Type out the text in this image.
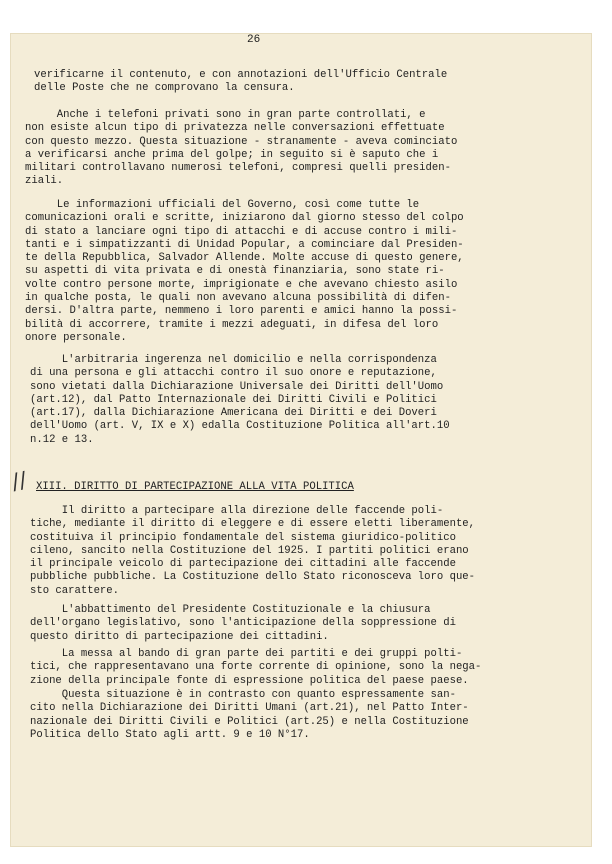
26
verificarne il contenuto, e con annotazioni dell'Ufficio Centrale
delle Poste che ne comprovano la censura.
Anche i telefoni privati sono in gran parte controllati, e
non esiste alcun tipo di privatezza nelle conversazioni effettuate
con questo mezzo. Questa situazione - stranamente - aveva cominciato
a verificarsi anche prima del golpe; in seguito si è saputo che i
militari controllavano numerosi telefoni, compresi quelli presiden-
ziali.
Le informazioni ufficiali del Governo, così come tutte le
comunicazioni orali e scritte, iniziarono dal giorno stesso del colpo
di stato a lanciare ogni tipo di attacchi e di accuse contro i mili-
tanti e i simpatizzanti di Unidad Popular, a cominciare dal Presiden-
te della Repubblica, Salvador Allende. Molte accuse di questo genere,
su aspetti di vita privata e di onestà finanziaria, sono state ri-
volte contro persone morte, imprigionate e che avevano chiesto asilo
in qualche posta, le quali non avevano alcuna possibilità di difen-
dersi. D'altra parte, nemmeno i loro parenti e amici hanno la possi-
bilità di accorrere, tramite i mezzi adeguati, in difesa del loro
onore personale.
L'arbitraria ingerenza nel domicilio e nella corrispondenza
di una persona e gli attacchi contro il suo onore e reputazione,
sono vietati dalla Dichiarazione Universale dei Diritti dell'Uomo
(art.12), dal Patto Internazionale dei Diritti Civili e Politici
(art.17), dalla Dichiarazione Americana dei Diritti e dei Doveri
dell'Uomo (art. V, IX e X) edalla Costituzione Politica all'art.10
n.12 e 13.
// XIII. DIRITTO DI PARTECIPAZIONE ALLA VITA POLITICA
Il diritto a partecipare alla direzione delle faccende poli-
tiche, mediante il diritto di eleggere e di essere eletti liberamente,
costituiva il principio fondamentale del sistema giuridico-politico
cileno, sancito nella Costituzione del 1925. I partiti politici erano
il principale veicolo di partecipazione dei cittadini alle faccende
pubbliche pubbliche. La Costituzione dello Stato riconosceva loro que-
sto carattere.
L'abbattimento del Presidente Costituzionale e la chiusura
dell'organo legislativo, sono l'anticipazione della soppressione di
questo diritto di partecipazione dei cittadini.
La messa al bando di gran parte dei partiti e dei gruppi polti-
tici, che rappresentavano una forte corrente di opinione, sono la nega-
zione della principale fonte di espressione politica del paese paese.
Questa situazione è in contrasto con quanto espressamente san-
cito nella Dichiarazione dei Diritti Umani (art.21), nel Patto Inter-
nazionale dei Diritti Civili e Politici (art.25) e nella Costituzione
Politica dello Stato agli artt. 9 e 10 N°17.
